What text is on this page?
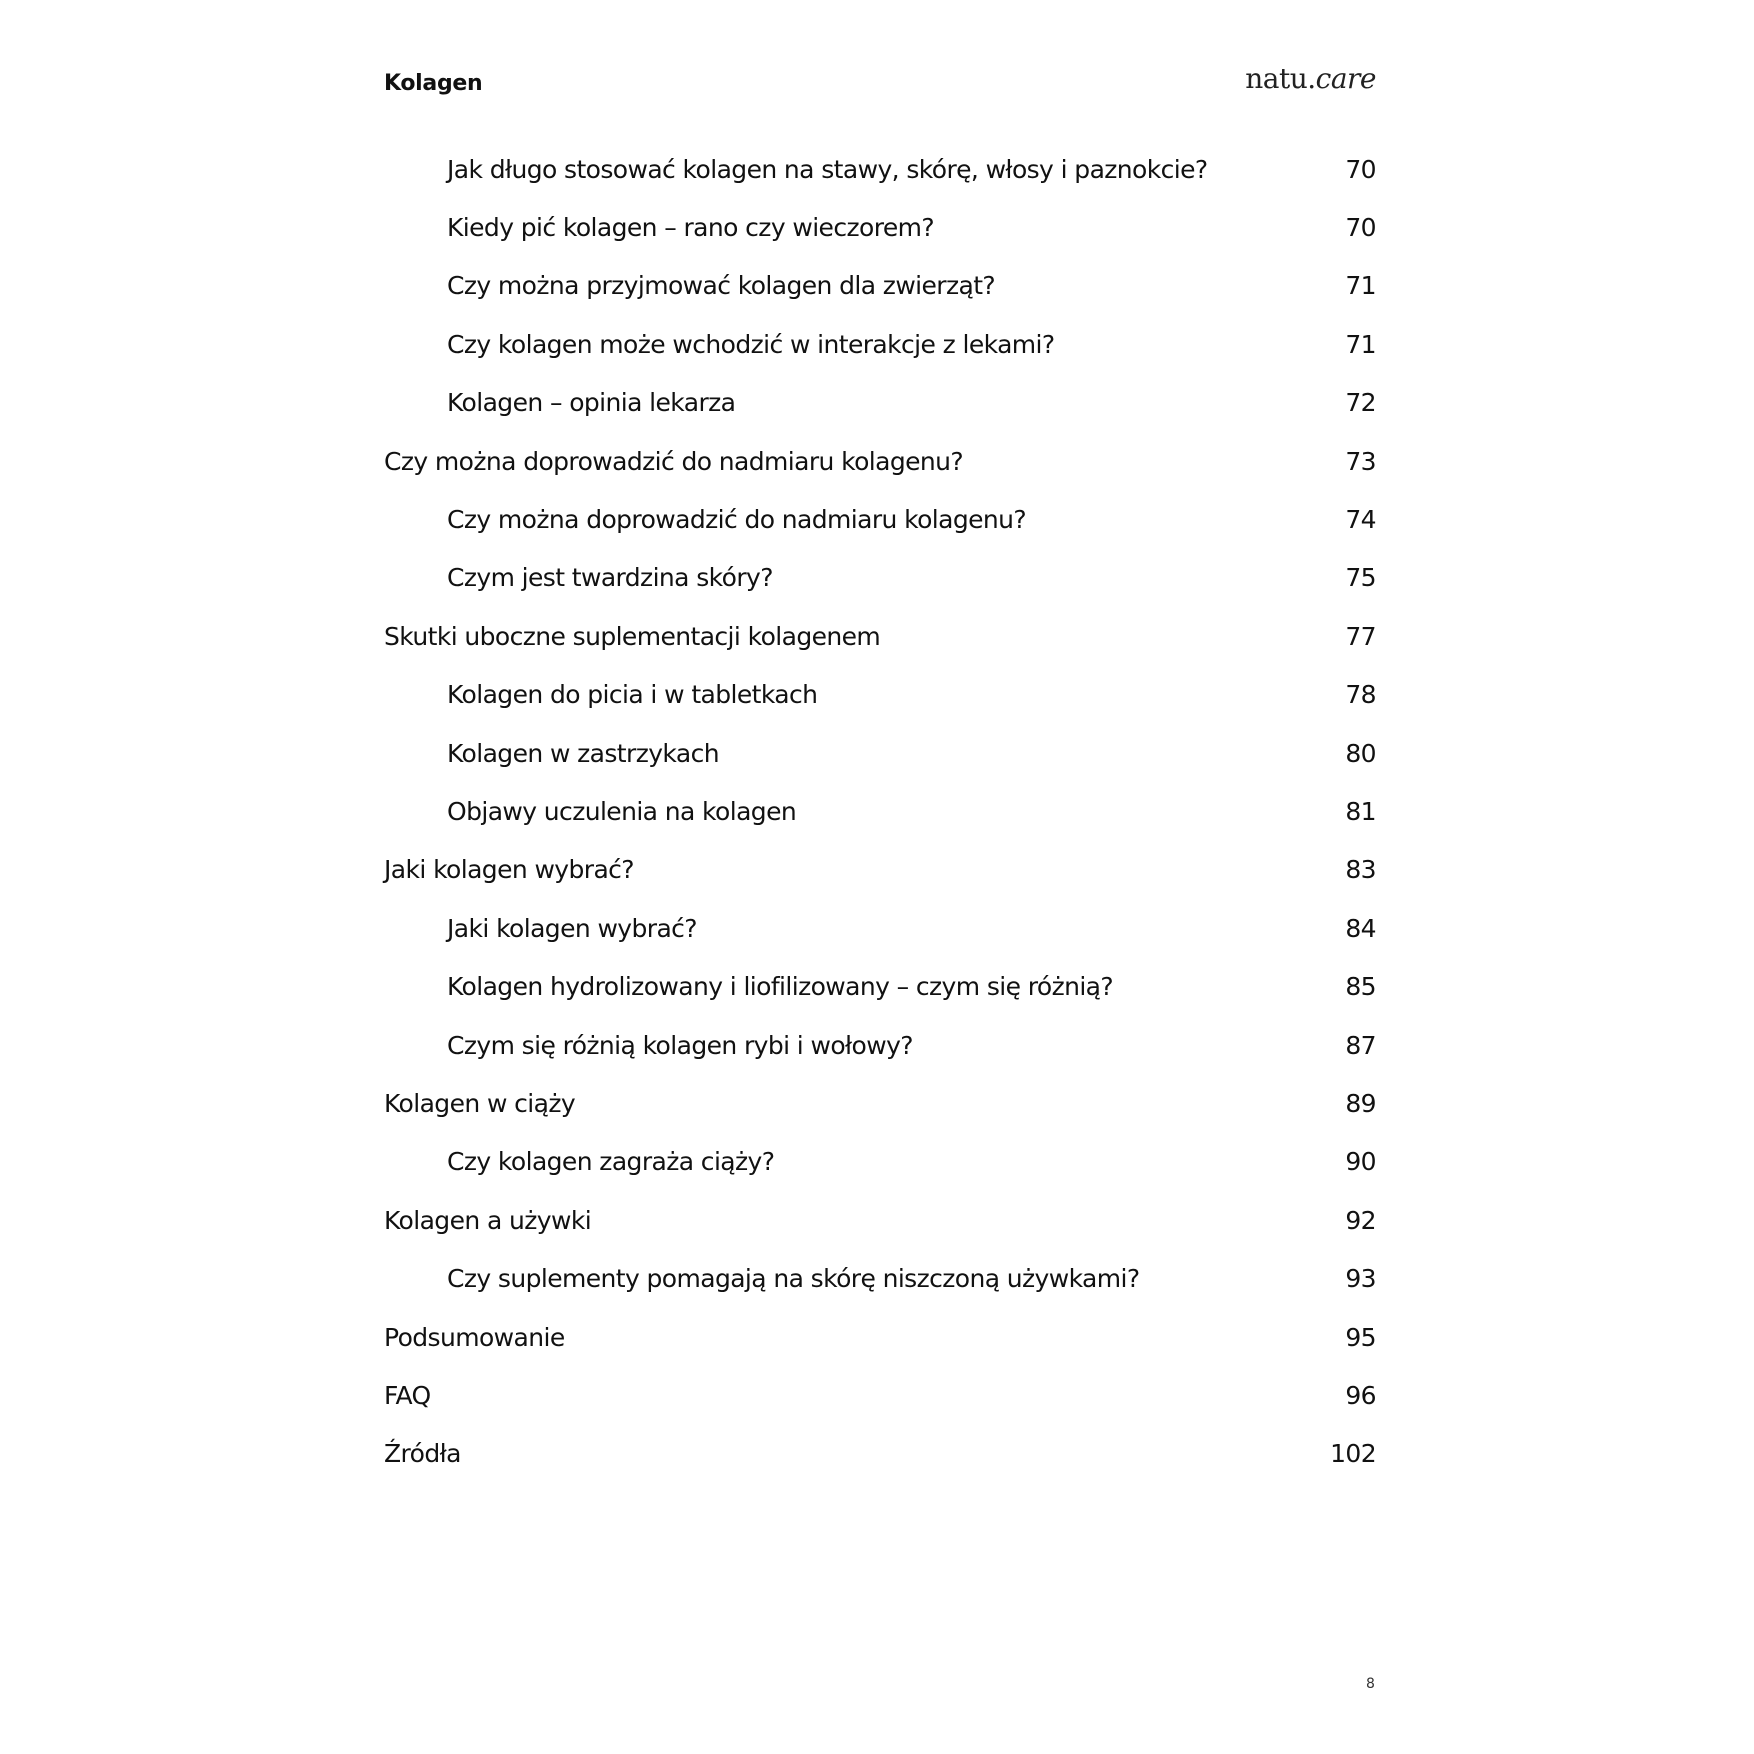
Kolagen	natu.care
Jak długo stosować kolagen na stawy, skórę, włosy i paznokcie?	70
Kiedy pić kolagen – rano czy wieczorem?	70
Czy można przyjmować kolagen dla zwierząt?	71
Czy kolagen może wchodzić w interakcje z lekami?	71
Kolagen – opinia lekarza	72
Czy można doprowadzić do nadmiaru kolagenu?	73
Czy można doprowadzić do nadmiaru kolagenu?	74
Czym jest twardzina skóry?	75
Skutki uboczne suplementacji kolagenem	77
Kolagen do picia i w tabletkach	78
Kolagen w zastrzykach	80
Objawy uczulenia na kolagen	81
Jaki kolagen wybrać?	83
Jaki kolagen wybrać?	84
Kolagen hydrolizowany i liofilizowany – czym się różnią?	85
Czym się różnią kolagen rybi i wołowy?	87
Kolagen w ciąży	89
Czy kolagen zagraża ciąży?	90
Kolagen a używki	92
Czy suplementy pomagają na skórę niszczoną używkami?	93
Podsumowanie	95
FAQ	96
Źródła	102
8
